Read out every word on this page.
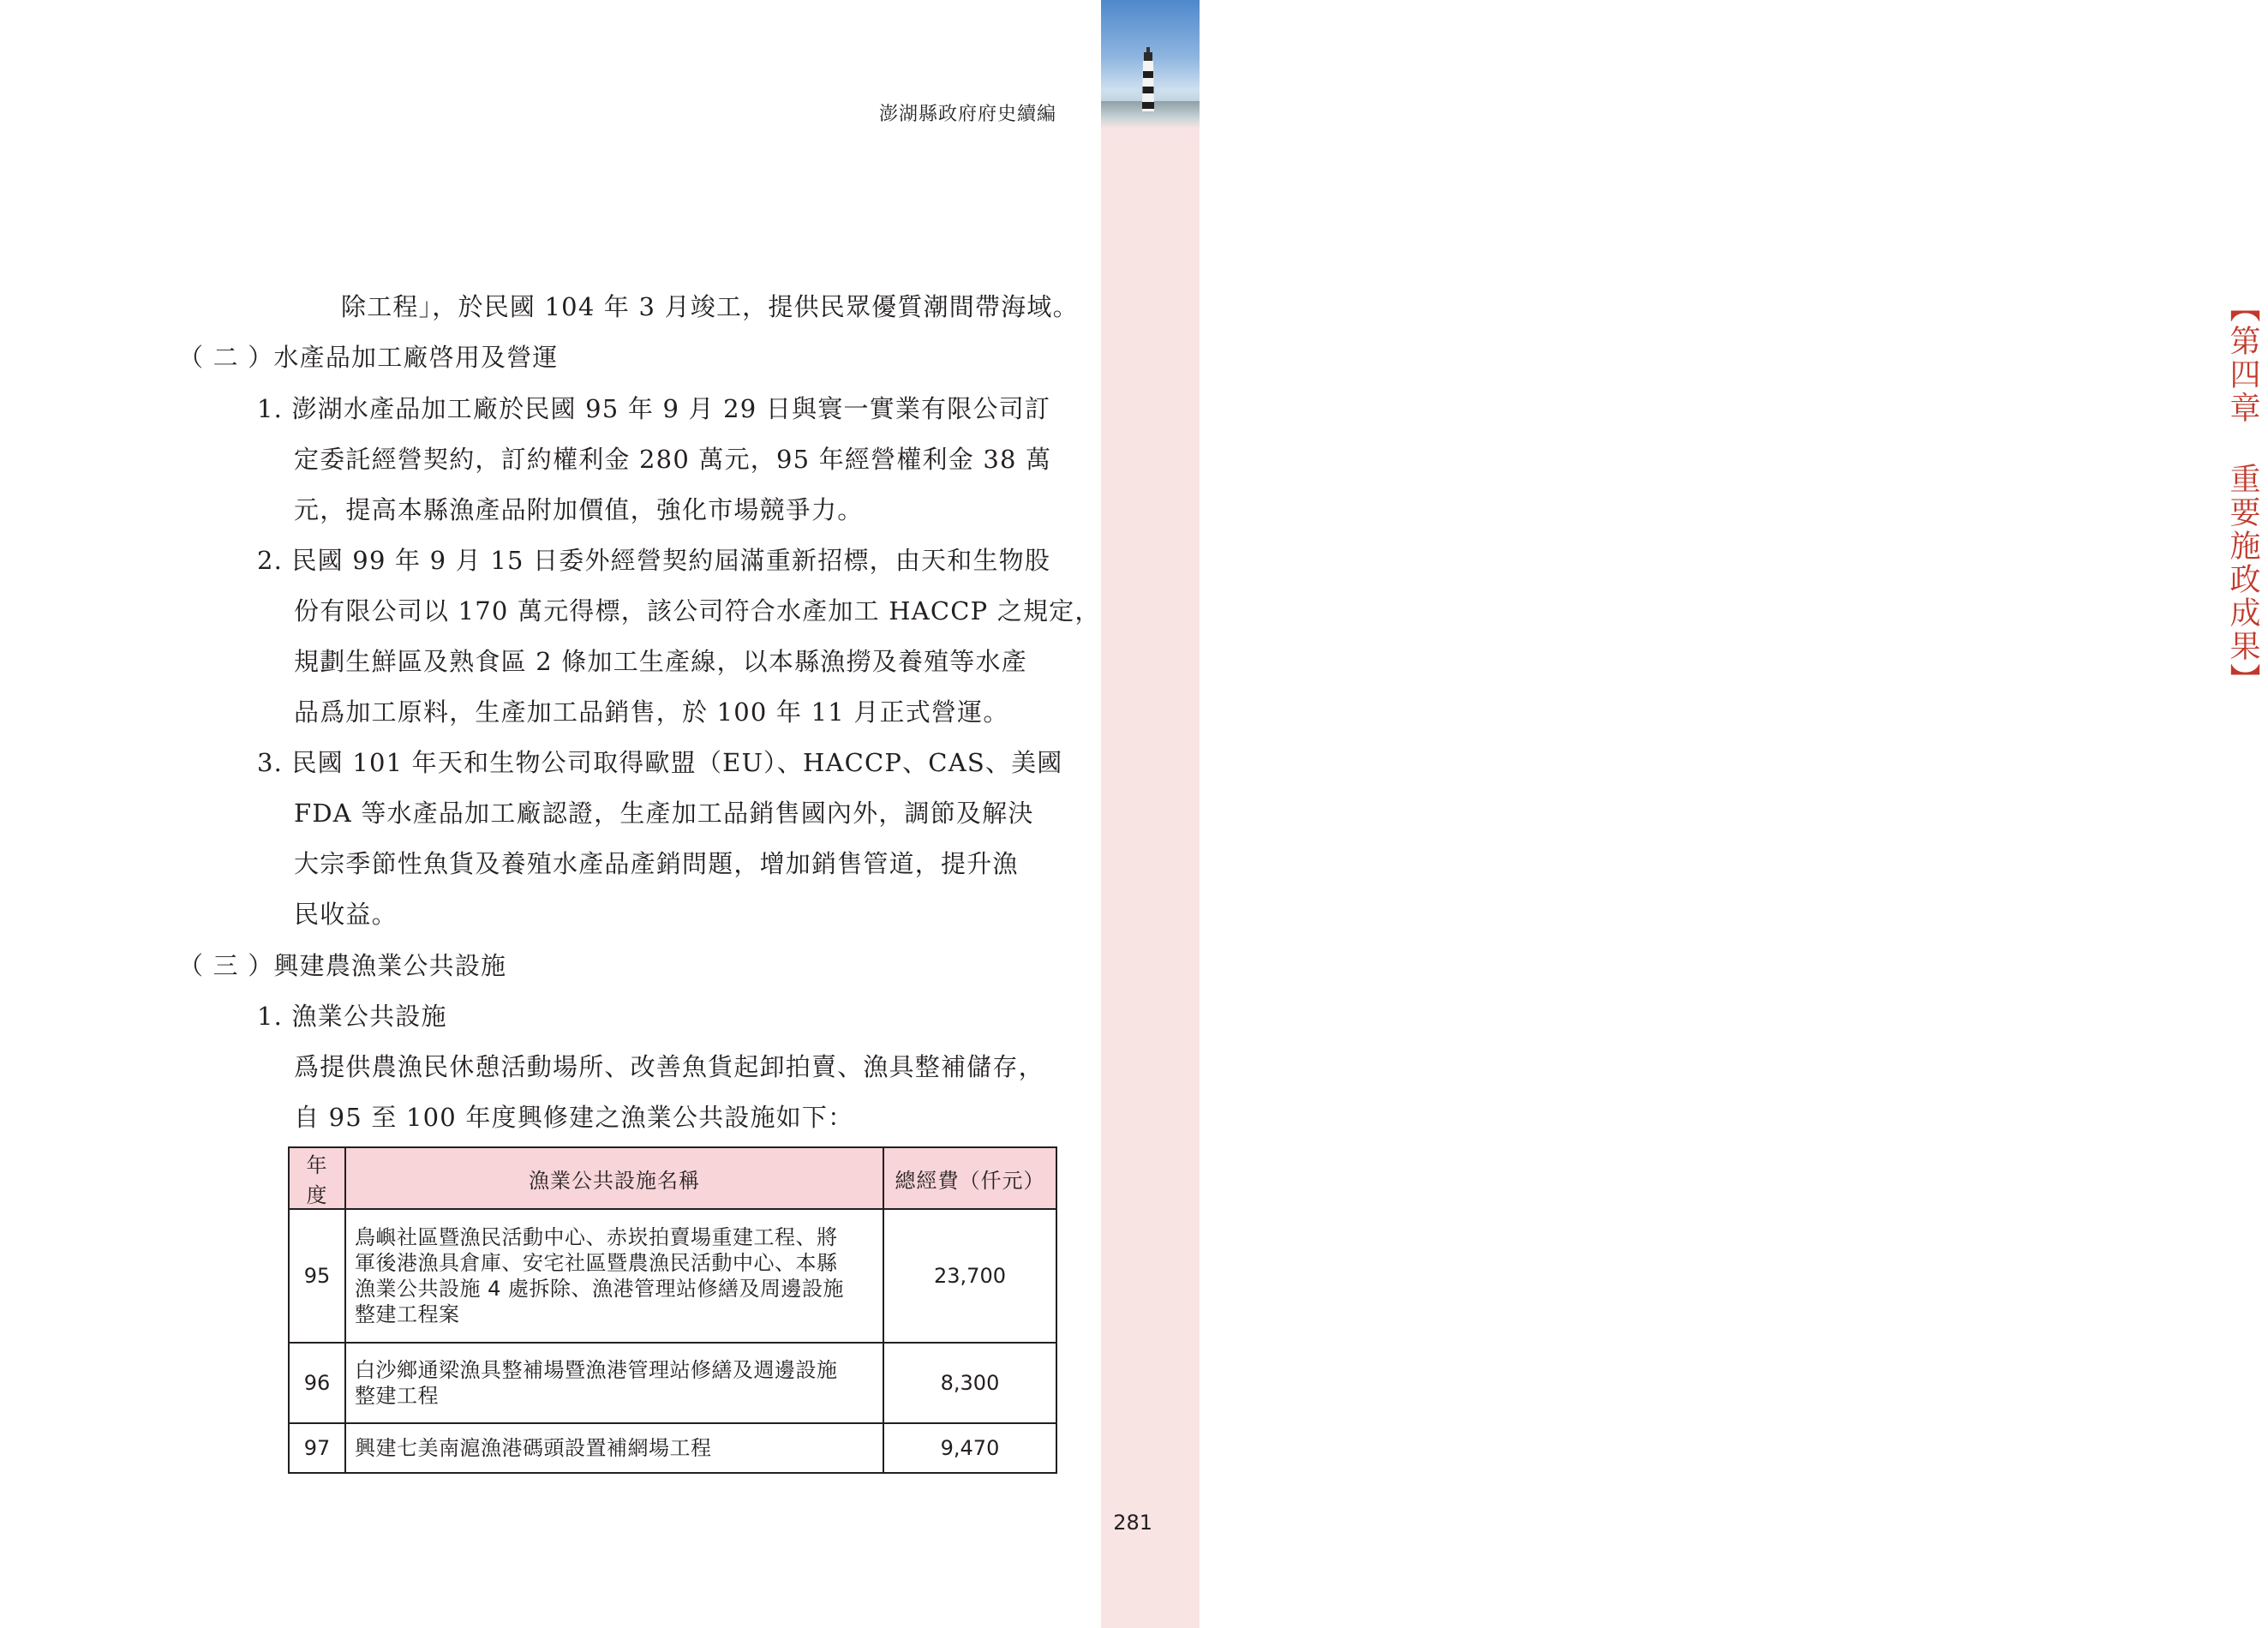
【第四章 重要施政成果】
澎湖縣政府府史續編

除工程」，於民國 104 年 3 月竣工，提供民眾優質潮間帶海域。

（ 二 ）水產品加工廠啓用及營運

1. 澎湖水產品加工廠於民國 95 年 9 月 29 日與寰一實業有限公司訂

定委託經營契約，訂約權利金 280 萬元，95 年經營權利金 38 萬

元，提高本縣漁產品附加價值，強化市場競爭力。

2. 民國 99 年 9 月 15 日委外經營契約屆滿重新招標，由天和生物股

份有限公司以 170 萬元得標，該公司符合水產加工 HACCP 之規定，

規劃生鮮區及熟食區 2 條加工生產線，以本縣漁撈及養殖等水產

品爲加工原料，生產加工品銷售，於 100 年 11 月正式營運。

3. 民國 101 年天和生物公司取得歐盟（EU）、HACCP、CAS、美國

FDA 等水產品加工廠認證，生產加工品銷售國內外，調節及解決

大宗季節性魚貨及養殖水產品產銷問題，增加銷售管道，提升漁

民收益。

（ 三 ）興建農漁業公共設施

1. 漁業公共設施

爲提供農漁民休憩活動場所、改善魚貨起卸拍賣、漁具整補儲存，

自 95 至 100 年度興修建之漁業公共設施如下：

年度	漁業公共設施名稱	總經費（仟元）
95	鳥嶼社區暨漁民活動中心、赤崁拍賣場重建工程、將
軍後港漁具倉庫、安宅社區暨農漁民活動中心、本縣
漁業公共設施 4 處拆除、漁港管理站修繕及周邊設施
整建工程案	23,700
96	白沙鄉通梁漁具整補場暨漁港管理站修繕及週邊設施
整建工程	8,300
97	興建七美南滬漁港碼頭設置補網場工程	9,470
281
